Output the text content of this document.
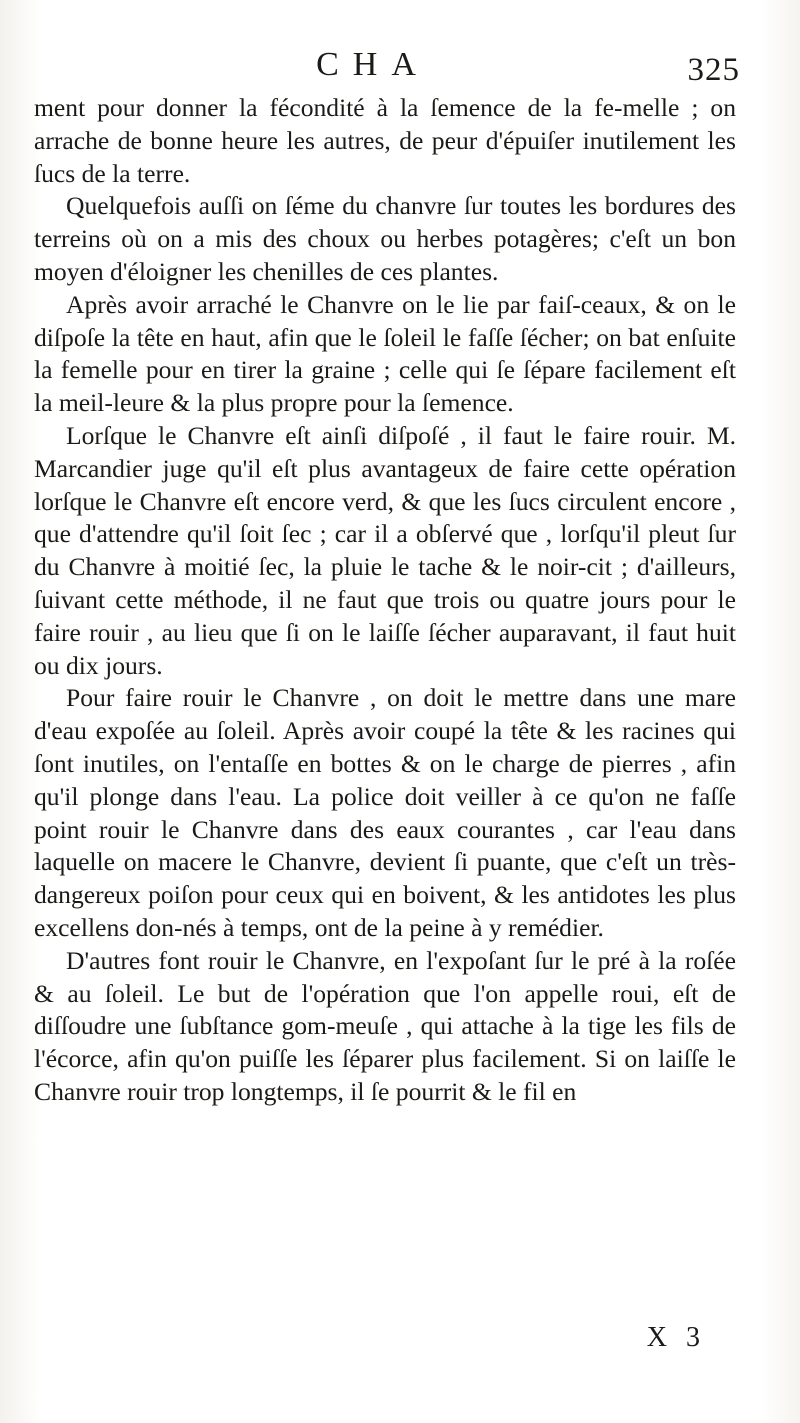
CHA	325

ment pour donner la fécondité à la ſemence de la fe-melle ; on arrache de bonne heure les autres, de peur d'épuiſer inutilement les ſucs de la terre.

Quelquefois auſſi on ſéme du chanvre ſur toutes les bordures des terreins où on a mis des choux ou herbes potagères; c'eſt un bon moyen d'éloigner les chenilles de ces plantes.

Après avoir arraché le Chanvre on le lie par faiſ-ceaux, & on le diſpoſe la tête en haut, afin que le ſoleil le faſſe ſécher; on bat enſuite la femelle pour en tirer la graine ; celle qui ſe ſépare facilement eſt la meil-leure & la plus propre pour la ſemence.

Lorſque le Chanvre eſt ainſi diſpoſé , il faut le faire rouir. M. Marcandier juge qu'il eſt plus avantageux de faire cette opération lorſque le Chanvre eſt encore verd, & que les ſucs circulent encore , que d'attendre qu'il ſoit ſec ; car il a obſervé que , lorſqu'il pleut ſur du Chanvre à moitié ſec, la pluie le tache & le noir-cit ; d'ailleurs, ſuivant cette méthode, il ne faut que trois ou quatre jours pour le faire rouir , au lieu que ſi on le laiſſe ſécher auparavant, il faut huit ou dix jours.

Pour faire rouir le Chanvre , on doit le mettre dans une mare d'eau expoſée au ſoleil. Après avoir coupé la tête & les racines qui ſont inutiles, on l'entaſſe en bottes & on le charge de pierres , afin qu'il plonge dans l'eau. La police doit veiller à ce qu'on ne faſſe point rouir le Chanvre dans des eaux courantes , car l'eau dans laquelle on macere le Chanvre, devient ſi puante, que c'eſt un très-dangereux poiſon pour ceux qui en boivent, & les antidotes les plus excellens don-nés à temps, ont de la peine à y remédier.

D'autres font rouir le Chanvre, en l'expoſant ſur le pré à la roſée & au ſoleil. Le but de l'opération que l'on appelle roui, eſt de diſſoudre une ſubſtance gom-meuſe , qui attache à la tige les fils de l'écorce, afin qu'on puiſſe les ſéparer plus facilement. Si on laiſſe le Chanvre rouir trop longtemps, il ſe pourrit & le fil en

X 3
